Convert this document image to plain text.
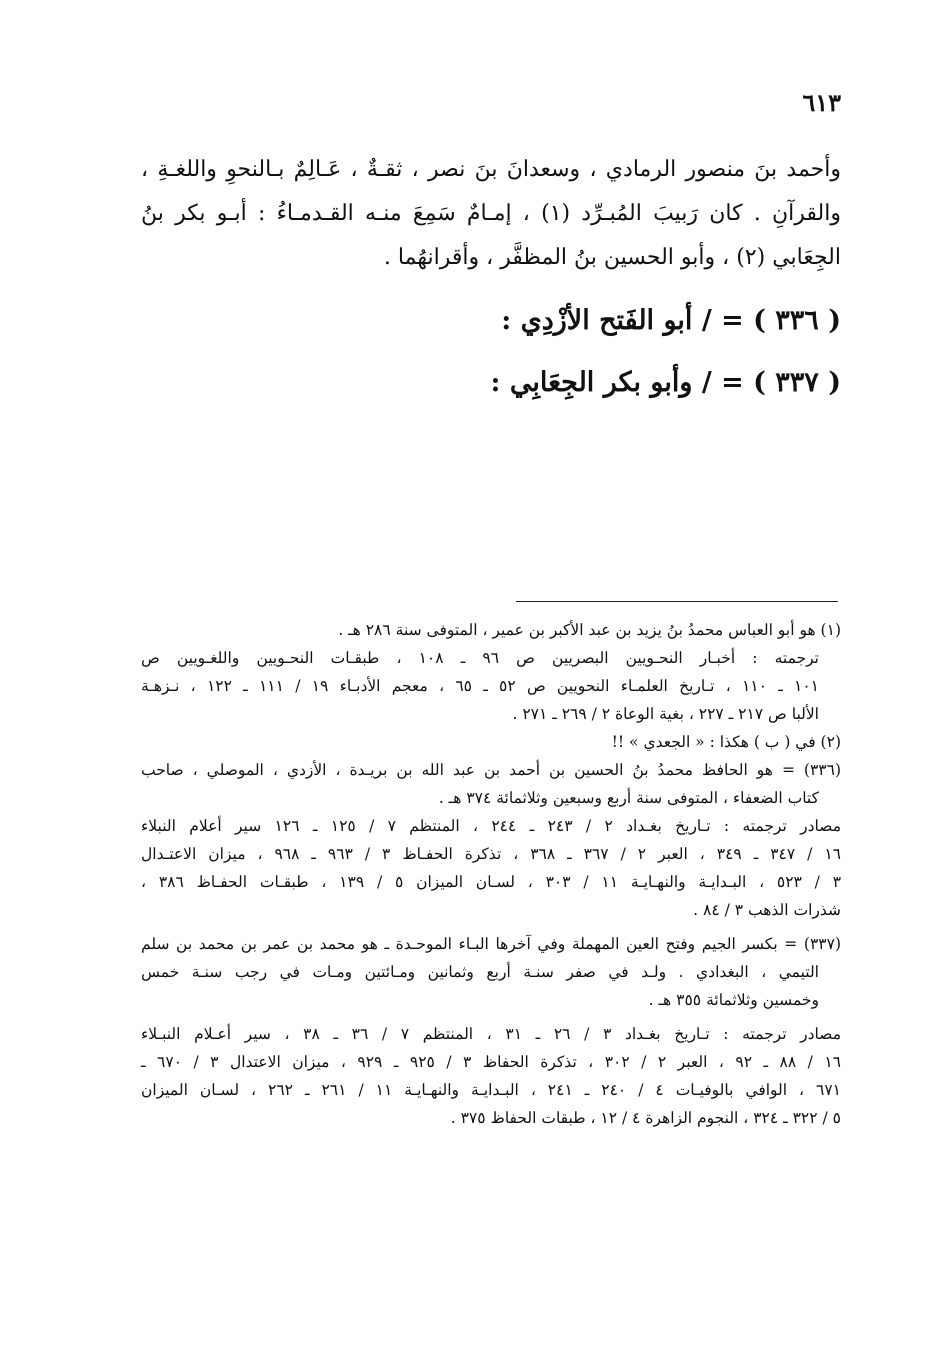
٦١٣
وأحمد بنَ منصور الرمادي ، وسعدانَ بنَ نصر ، ثقـةٌ ، عَـالِمٌ بـالنحوِ واللغـةِ ،
والقرآنِ . كان رَبيبَ المُبـرِّد (١) ، إمـامٌ سَمِعَ منـه القـدمـاءُ : أبـو بكر بنُ
الجِعَابي (٢) ، وأبو الحسين بنُ المظفَّر ، وأقرانهُما .
( ٣٣٦ ) = / أبو الفَتح الأزْدِي :
( ٣٣٧ ) = / وأبو بكر الجِعَابِي :
(١) هو أبو العباس محمدُ بنُ يزيد بن عبد الأكبر بن عمير ، المتوفى سنة ٢٨٦ هـ .
ترجمته : أخبـار النحـويين البصريين ص ٩٦ ـ ١٠٨ ، طبقـات النحـويين واللغـويين ص
١٠١ ـ ١١٠ ، تـاريخ العلمـاء النحويين ص ٥٢ ـ ٦٥ ، معجم الأدبـاء ١٩ / ١١١ ـ ١٢٢ ، نـزهـة
الألبا ص ٢١٧ ـ ٢٢٧ ، بغية الوعاة ٢ / ٢٦٩ ـ ٢٧١ .
(٢) في ( ب ) هكذا : « الجعدي » !!
(٣٣٦) = هو الحافظ محمدُ بنُ الحسين بن أحمد بن عبد الله بن بريـدة ، الأزدي ، الموصلي ، صاحب
كتاب الضعفاء ، المتوفى سنة أربع وسبعين وثلاثمائة ٣٧٤ هـ .
مصادر ترجمته : تـاريخ بغـداد ٢ / ٢٤٣ ـ ٢٤٤ ، المنتظم ٧ / ١٢٥ ـ ١٢٦ سير أعلام النبلاء
١٦ / ٣٤٧ ـ ٣٤٩ ، العبر ٢ / ٣٦٧ ـ ٣٦٨ ، تذكرة الحفـاظ ٣ / ٩٦٣ ـ ٩٦٨ ، ميزان الاعتـدال
٣ / ٥٢٣ ، البـدايـة والنهـايـة ١١ / ٣٠٣ ، لسـان الميزان ٥ / ١٣٩ ، طبقـات الحفـاظ ٣٨٦ ،
شذرات الذهب ٣ / ٨٤ .
(٣٣٧) = بكسر الجيم وفتح العين المهملة وفي آخرها البـاء الموحـدة ـ هو محمد بن عمر بن محمد بن سلم
التيمي ، البغدادي . ولـد في صفر سنـة أربع وثمانين ومـائتين ومـات في رجب سنـة خمس
وخمسين وثلاثمائة ٣٥٥ هـ .
مصادر ترجمته : تـاريخ بغـداد ٣ / ٢٦ ـ ٣١ ، المنتظم ٧ / ٣٦ ـ ٣٨ ، سير أعـلام النبـلاء
١٦ / ٨٨ ـ ٩٢ ، العبر ٢ / ٣٠٢ ، تذكرة الحفاظ ٣ / ٩٢٥ ـ ٩٢٩ ، ميزان الاعتدال ٣ / ٦٧٠ ـ
٦٧١ ، الوافي بالوفيـات ٤ / ٢٤٠ ـ ٢٤١ ، البـدايـة والنهـايـة ١١ / ٢٦١ ـ ٢٦٢ ، لسـان الميزان
٥ / ٣٢٢ ـ ٣٢٤ ، النجوم الزاهرة ٤ / ١٢ ، طبقات الحفاظ ٣٧٥ .
